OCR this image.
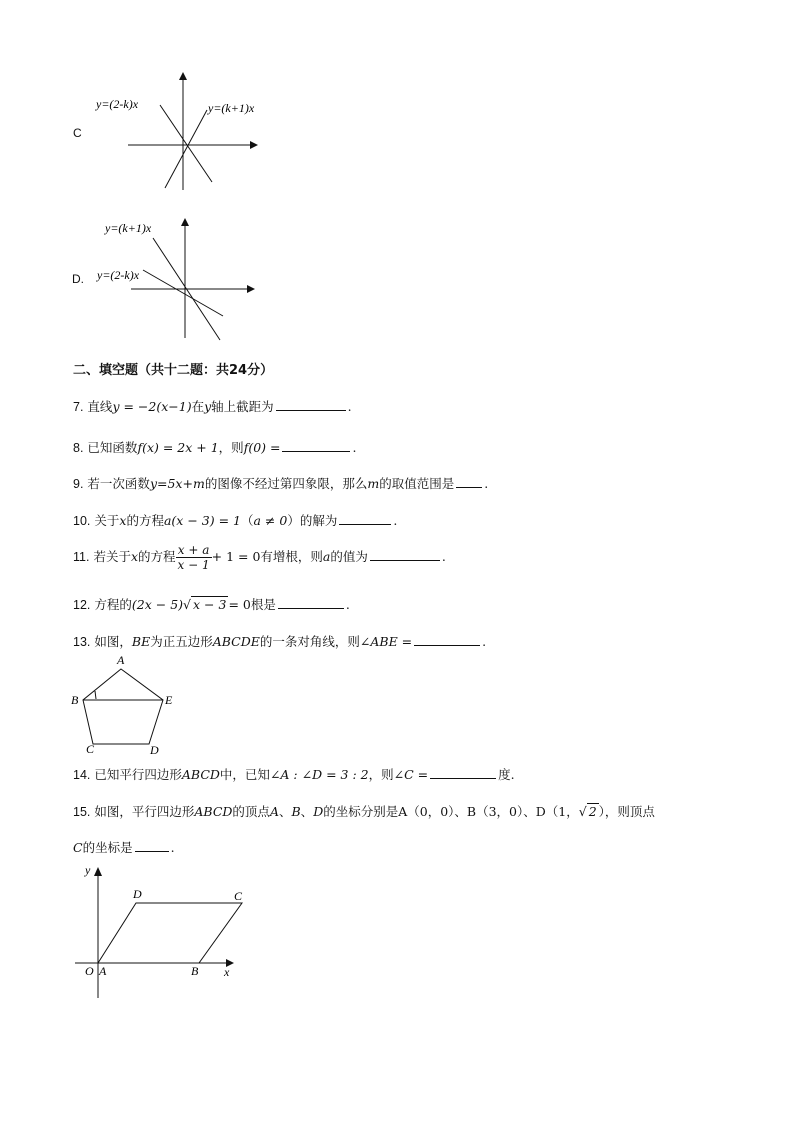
C
y=(2-k)x	y=(k+1)x
D.
y=(k+1)x
y=(2-k)x
二、填空题（共十二题：共24分）
7. 直线y = −2(x−1)在y轴上截距为	.
8. 已知函数f(x) = 2x + 1，则f(0) =	.
9. 若一次函数y=5x+m的图像不经过第四象限，那么m的取值范围是 .
10. 关于x的方程a(x − 3) = 1（a ≠ 0）的解为	.
11. 若关于x的方程 $\frac{x + a}{x - 1} + 1 = 0$有增根，则a的值为	.
12. 方程的(2x − 5)√ x − 3 = 0根是	.
13. 如图，BE为正五边形ABCDE的一条对角线，则∠ABE =	.
A
B	E
C	D
14. 已知平行四边形ABCD中，已知∠A : ∠D = 3 : 2，则∠C =	度.
15. 如图，平行四边形ABCD的顶点A、B、D的坐标分别是A（0，0）、B（3，0）、D（1，√ 2 ），则顶点
C的坐标是	.
y
x
O A	B
D	C
